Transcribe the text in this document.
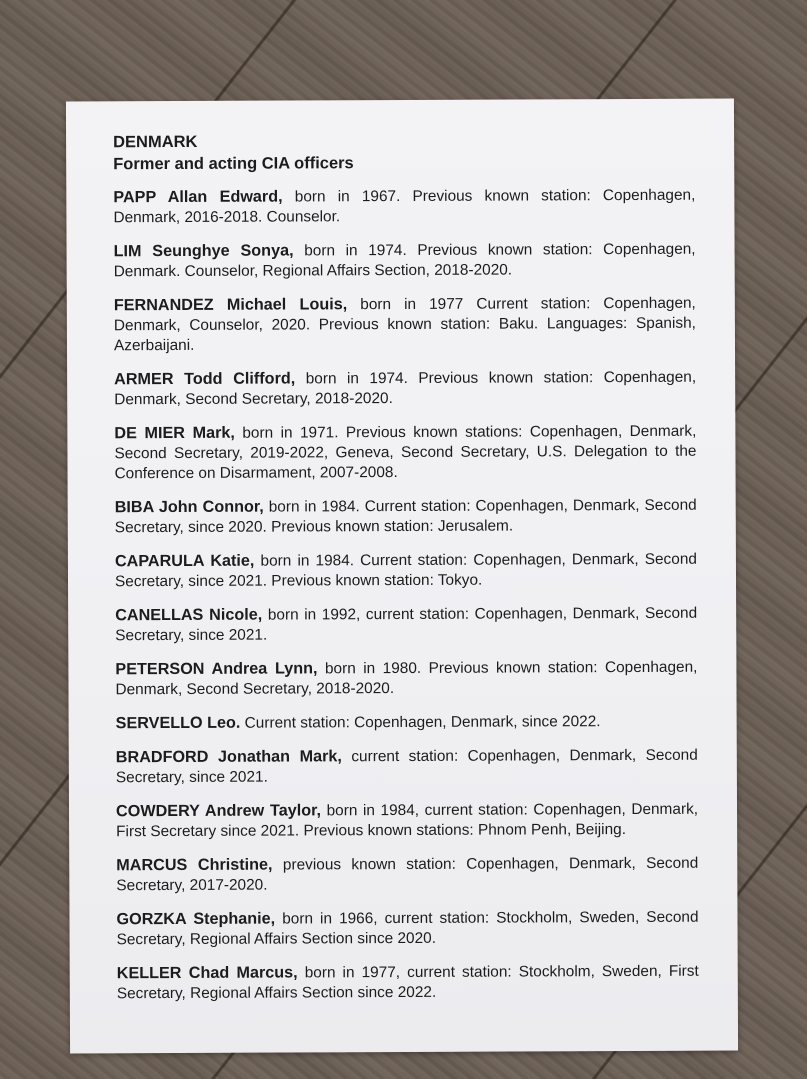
DENMARK

Former and acting CIA officers

PAPP Allan Edward, born in 1967. Previous known station: Copenhagen, Denmark, 2016-2018. Counselor.

LIM Seunghye Sonya, born in 1974. Previous known station: Copenhagen, Denmark. Counselor, Regional Affairs Section, 2018-2020.

FERNANDEZ Michael Louis, born in 1977 Current station: Copenhagen, Denmark, Counselor, 2020. Previous known station: Baku. Languages: Spanish, Azerbaijani.

ARMER Todd Clifford, born in 1974. Previous known station: Copenhagen, Denmark, Second Secretary, 2018-2020.

DE MIER Mark, born in 1971. Previous known stations: Copenhagen, Denmark, Second Secretary, 2019-2022, Geneva, Second Secretary, U.S. Delegation to the Conference on Disarmament, 2007-2008.

BIBA John Connor, born in 1984. Current station: Copenhagen, Denmark, Second Secretary, since 2020. Previous known station: Jerusalem.

CAPARULA Katie, born in 1984. Current station: Copenhagen, Denmark, Second Secretary, since 2021. Previous known station: Tokyo.

CANELLAS Nicole, born in 1992, current station: Copenhagen, Denmark, Second Secretary, since 2021.

PETERSON Andrea Lynn, born in 1980. Previous known station: Copenhagen, Denmark, Second Secretary, 2018-2020.

SERVELLO Leo. Current station: Copenhagen, Denmark, since 2022.

BRADFORD Jonathan Mark, current station: Copenhagen, Denmark, Second Secretary, since 2021.

COWDERY Andrew Taylor, born in 1984, current station: Copenhagen, Denmark, First Secretary since 2021. Previous known stations: Phnom Penh, Beijing.

MARCUS Christine, previous known station: Copenhagen, Denmark, Second Secretary, 2017-2020.

GORZKA Stephanie, born in 1966, current station: Stockholm, Sweden, Second Secretary, Regional Affairs Section since 2020.

KELLER Chad Marcus, born in 1977, current station: Stockholm, Sweden, First Secretary, Regional Affairs Section since 2022.
